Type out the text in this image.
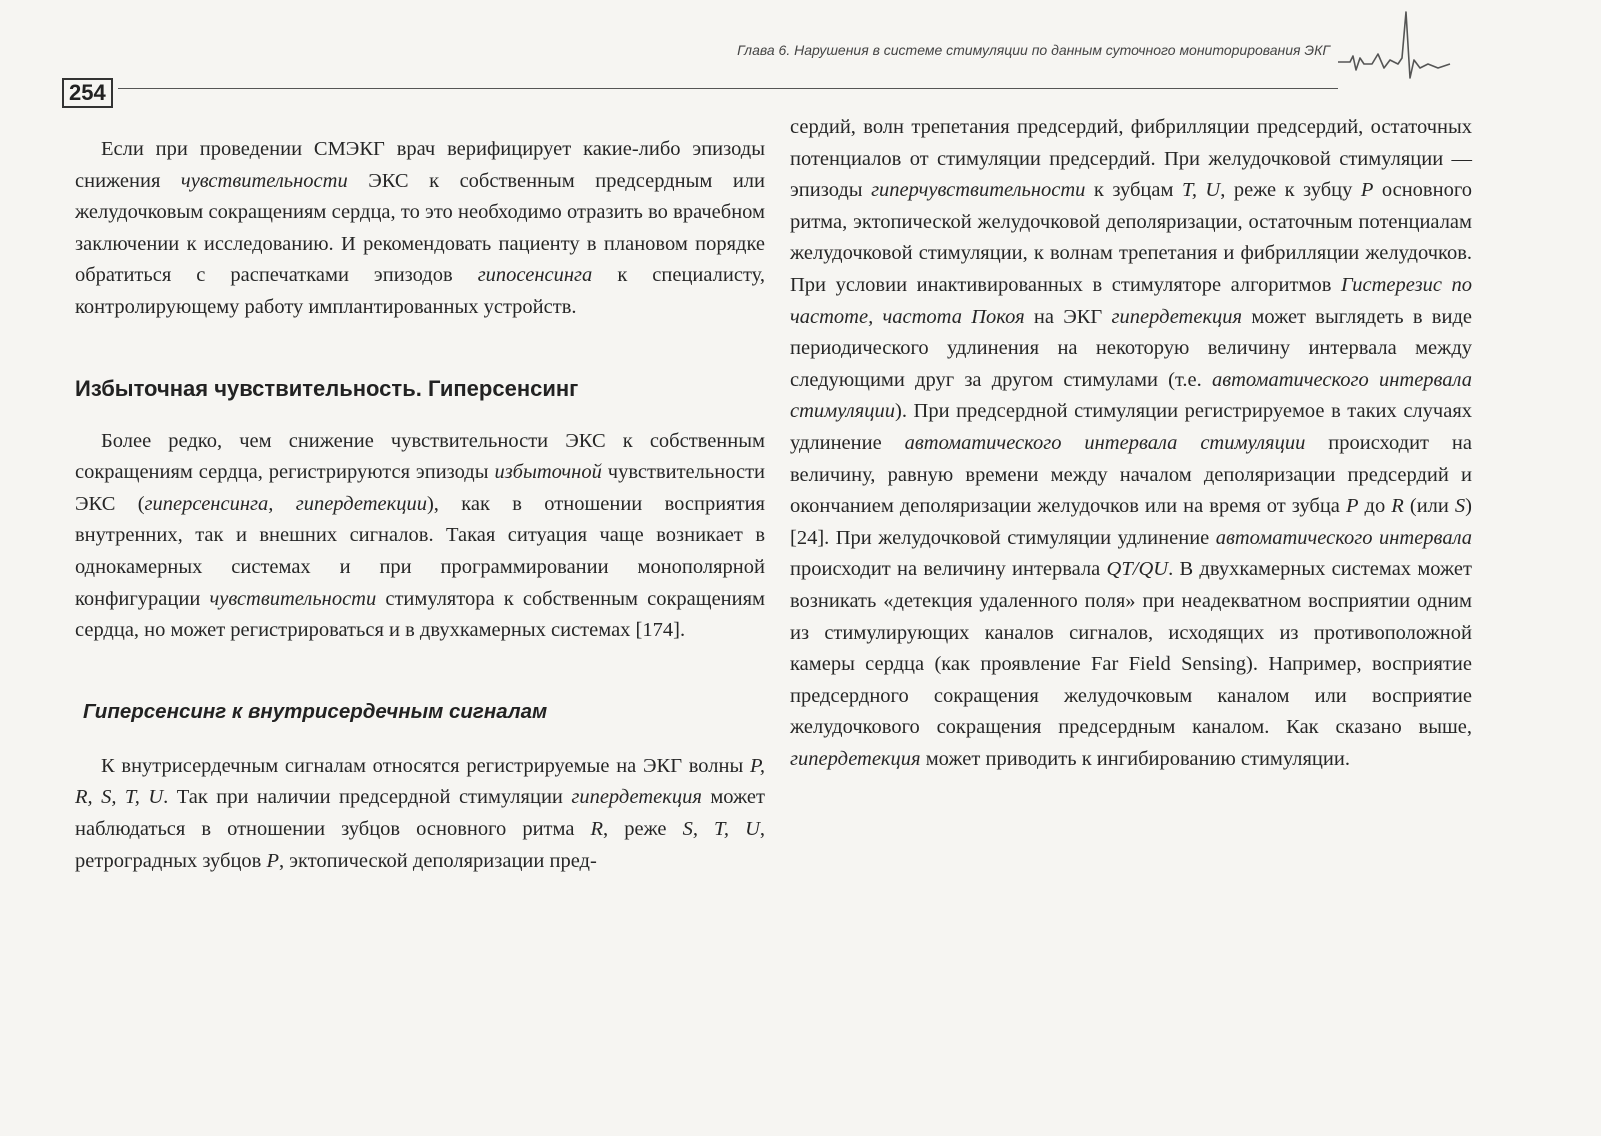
Глава 6. Нарушения в системе стимуляции по данным суточного мониторирования ЭКГ
254

Если при проведении СМЭКГ врач верифицирует какие-либо эпизоды снижения чувствительности ЭКС к собственным предсердным или желудочковым сокращениям сердца, то это необходимо отразить во врачебном заключении к исследованию. И рекомендовать пациенту в плановом порядке обратиться с распечатками эпизодов гипосенсинга к специалисту, контролирующему работу имплантированных устройств.

Избыточная чувствительность. Гиперсенсинг

Более редко, чем снижение чувствительности ЭКС к собственным сокращениям сердца, регистрируются эпизоды избыточной чувствительности ЭКС (гиперсенсинга, гипердетекции), как в отношении восприятия внутренних, так и внешних сигналов. Такая ситуация чаще возникает в однокамерных системах и при программировании монополярной конфигурации чувствительности стимулятора к собственным сокращениям сердца, но может регистрироваться и в двухкамерных системах [174].

Гиперсенсинг к внутрисердечным сигналам

К внутрисердечным сигналам относятся регистрируемые на ЭКГ волны P, R, S, T, U. Так при наличии предсердной стимуляции гипердетекция может наблюдаться в отношении зубцов основного ритма R, реже S, T, U, ретроградных зубцов P, эктопической деполяризации пред-

сердий, волн трепетания предсердий, фибрилляции предсердий, остаточных потенциалов от стимуляции предсердий. При желудочковой стимуляции — эпизоды гиперчувствительности к зубцам T, U, реже к зубцу P основного ритма, эктопической желудочковой деполяризации, остаточным потенциалам желудочковой стимуляции, к волнам трепетания и фибрилляции желудочков. При условии инактивированных в стимуляторе алгоритмов Гистерезис по частоте, частота Покоя на ЭКГ гипердетекция может выглядеть в виде периодического удлинения на некоторую величину интервала между следующими друг за другом стимулами (т.е. автоматического интервала стимуляции). При предсердной стимуляции регистрируемое в таких случаях удлинение автоматического интервала стимуляции происходит на величину, равную времени между началом деполяризации предсердий и окончанием деполяризации желудочков или на время от зубца P до R (или S) [24]. При желудочковой стимуляции удлинение автоматического интервала происходит на величину интервала QT/QU. В двухкамерных системах может возникать «детекция удаленного поля» при неадекватном восприятии одним из стимулирующих каналов сигналов, исходящих из противоположной камеры сердца (как проявление Far Field Sensing). Например, восприятие предсердного сокращения желудочковым каналом или восприятие желудочкового сокращения предсердным каналом. Как сказано выше, гипердетекция может приводить к ингибированию стимуляции.
